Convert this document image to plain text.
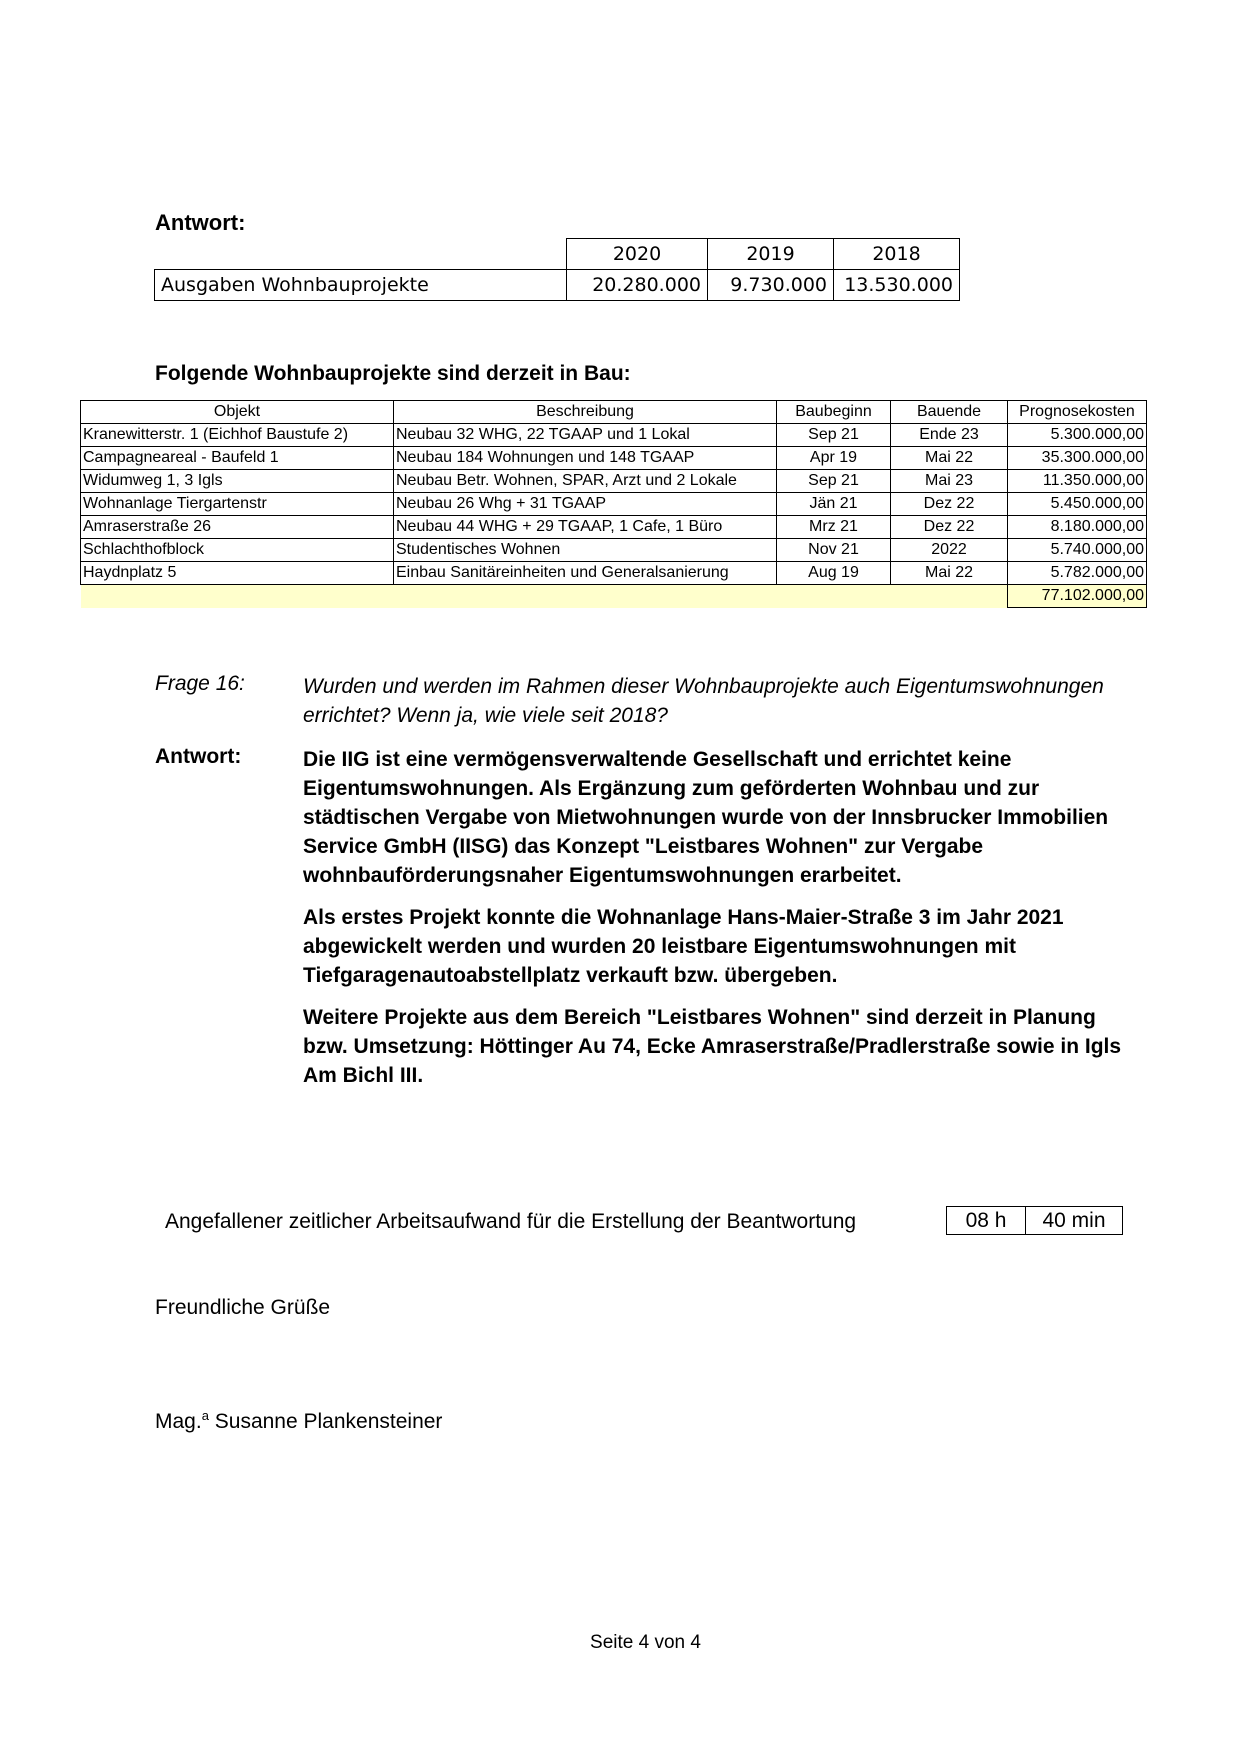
Antwort:
	2020	2019	2018
Ausgaben Wohnbauprojekte	20.280.000	9.730.000	13.530.000
Folgende Wohnbauprojekte sind derzeit in Bau:
Objekt	Beschreibung	Baubeginn	Bauende	Prognosekosten
Kranewitterstr. 1 (Eichhof Baustufe 2)	Neubau 32 WHG, 22 TGAAP und 1 Lokal	Sep 21	Ende 23	5.300.000,00
Campagneareal - Baufeld 1	Neubau 184 Wohnungen und 148 TGAAP	Apr 19	Mai 22	35.300.000,00
Widumweg 1, 3 Igls	Neubau Betr. Wohnen, SPAR, Arzt und 2 Lokale	Sep 21	Mai 23	11.350.000,00
Wohnanlage Tiergartenstr	Neubau 26 Whg + 31 TGAAP	Jän 21	Dez 22	5.450.000,00
Amraserstraße 26	Neubau 44 WHG + 29 TGAAP, 1 Cafe, 1 Büro	Mrz 21	Dez 22	8.180.000,00
Schlachthofblock	Studentisches Wohnen	Nov 21	2022	5.740.000,00
Haydnplatz 5	Einbau Sanitäreinheiten und Generalsanierung	Aug 19	Mai 22	5.782.000,00
				77.102.000,00
Frage 16:	Wurden und werden im Rahmen dieser Wohnbauprojekte auch Eigentumswohnungen errichtet? Wenn ja, wie viele seit 2018?
Antwort:	Die IIG ist eine vermögensverwaltende Gesellschaft und errichtet keine Eigentumswohnungen. Als Ergänzung zum geförderten Wohnbau und zur städtischen Vergabe von Mietwohnungen wurde von der Innsbrucker Immobilien Service GmbH (IISG) das Konzept "Leistbares Wohnen" zur Vergabe wohnbauförderungsnaher Eigentumswohnungen erarbeitet.
Als erstes Projekt konnte die Wohnanlage Hans-Maier-Straße 3 im Jahr 2021 abgewickelt werden und wurden 20 leistbare Eigentumswohnungen mit Tiefgaragenautoabstellplatz verkauft bzw. übergeben.
Weitere Projekte aus dem Bereich "Leistbares Wohnen" sind derzeit in Planung bzw. Umsetzung: Höttinger Au 74, Ecke Amraserstraße/Pradlerstraße sowie in Igls Am Bichl III.
Angefallener zeitlicher Arbeitsaufwand für die Erstellung der Beantwortung	08 h	40 min
Freundliche Grüße
Mag.$^a$ Susanne Plankensteiner
Seite 4 von 4
